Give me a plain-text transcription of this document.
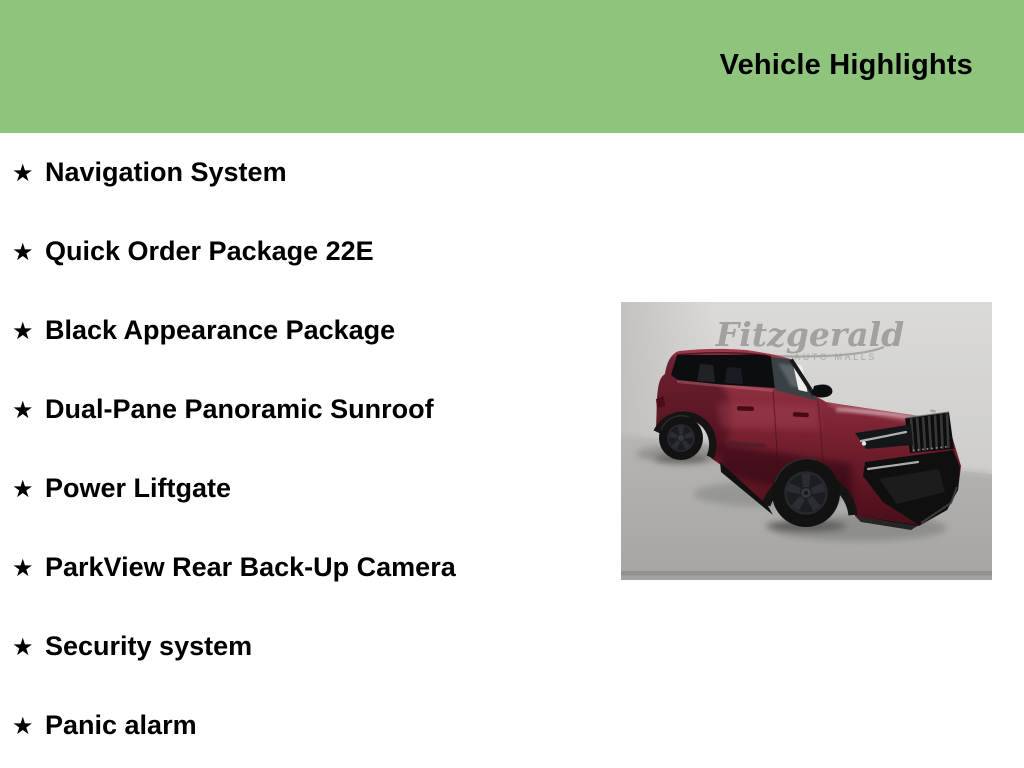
Vehicle Highlights
★ Navigation System
★ Quick Order Package 22E
★ Black Appearance Package
★ Dual-Pane Panoramic Sunroof
★ Power Liftgate
★ ParkView Rear Back-Up Camera
★ Security system
★ Panic alarm
Fitzgerald
AUTO MALLS
